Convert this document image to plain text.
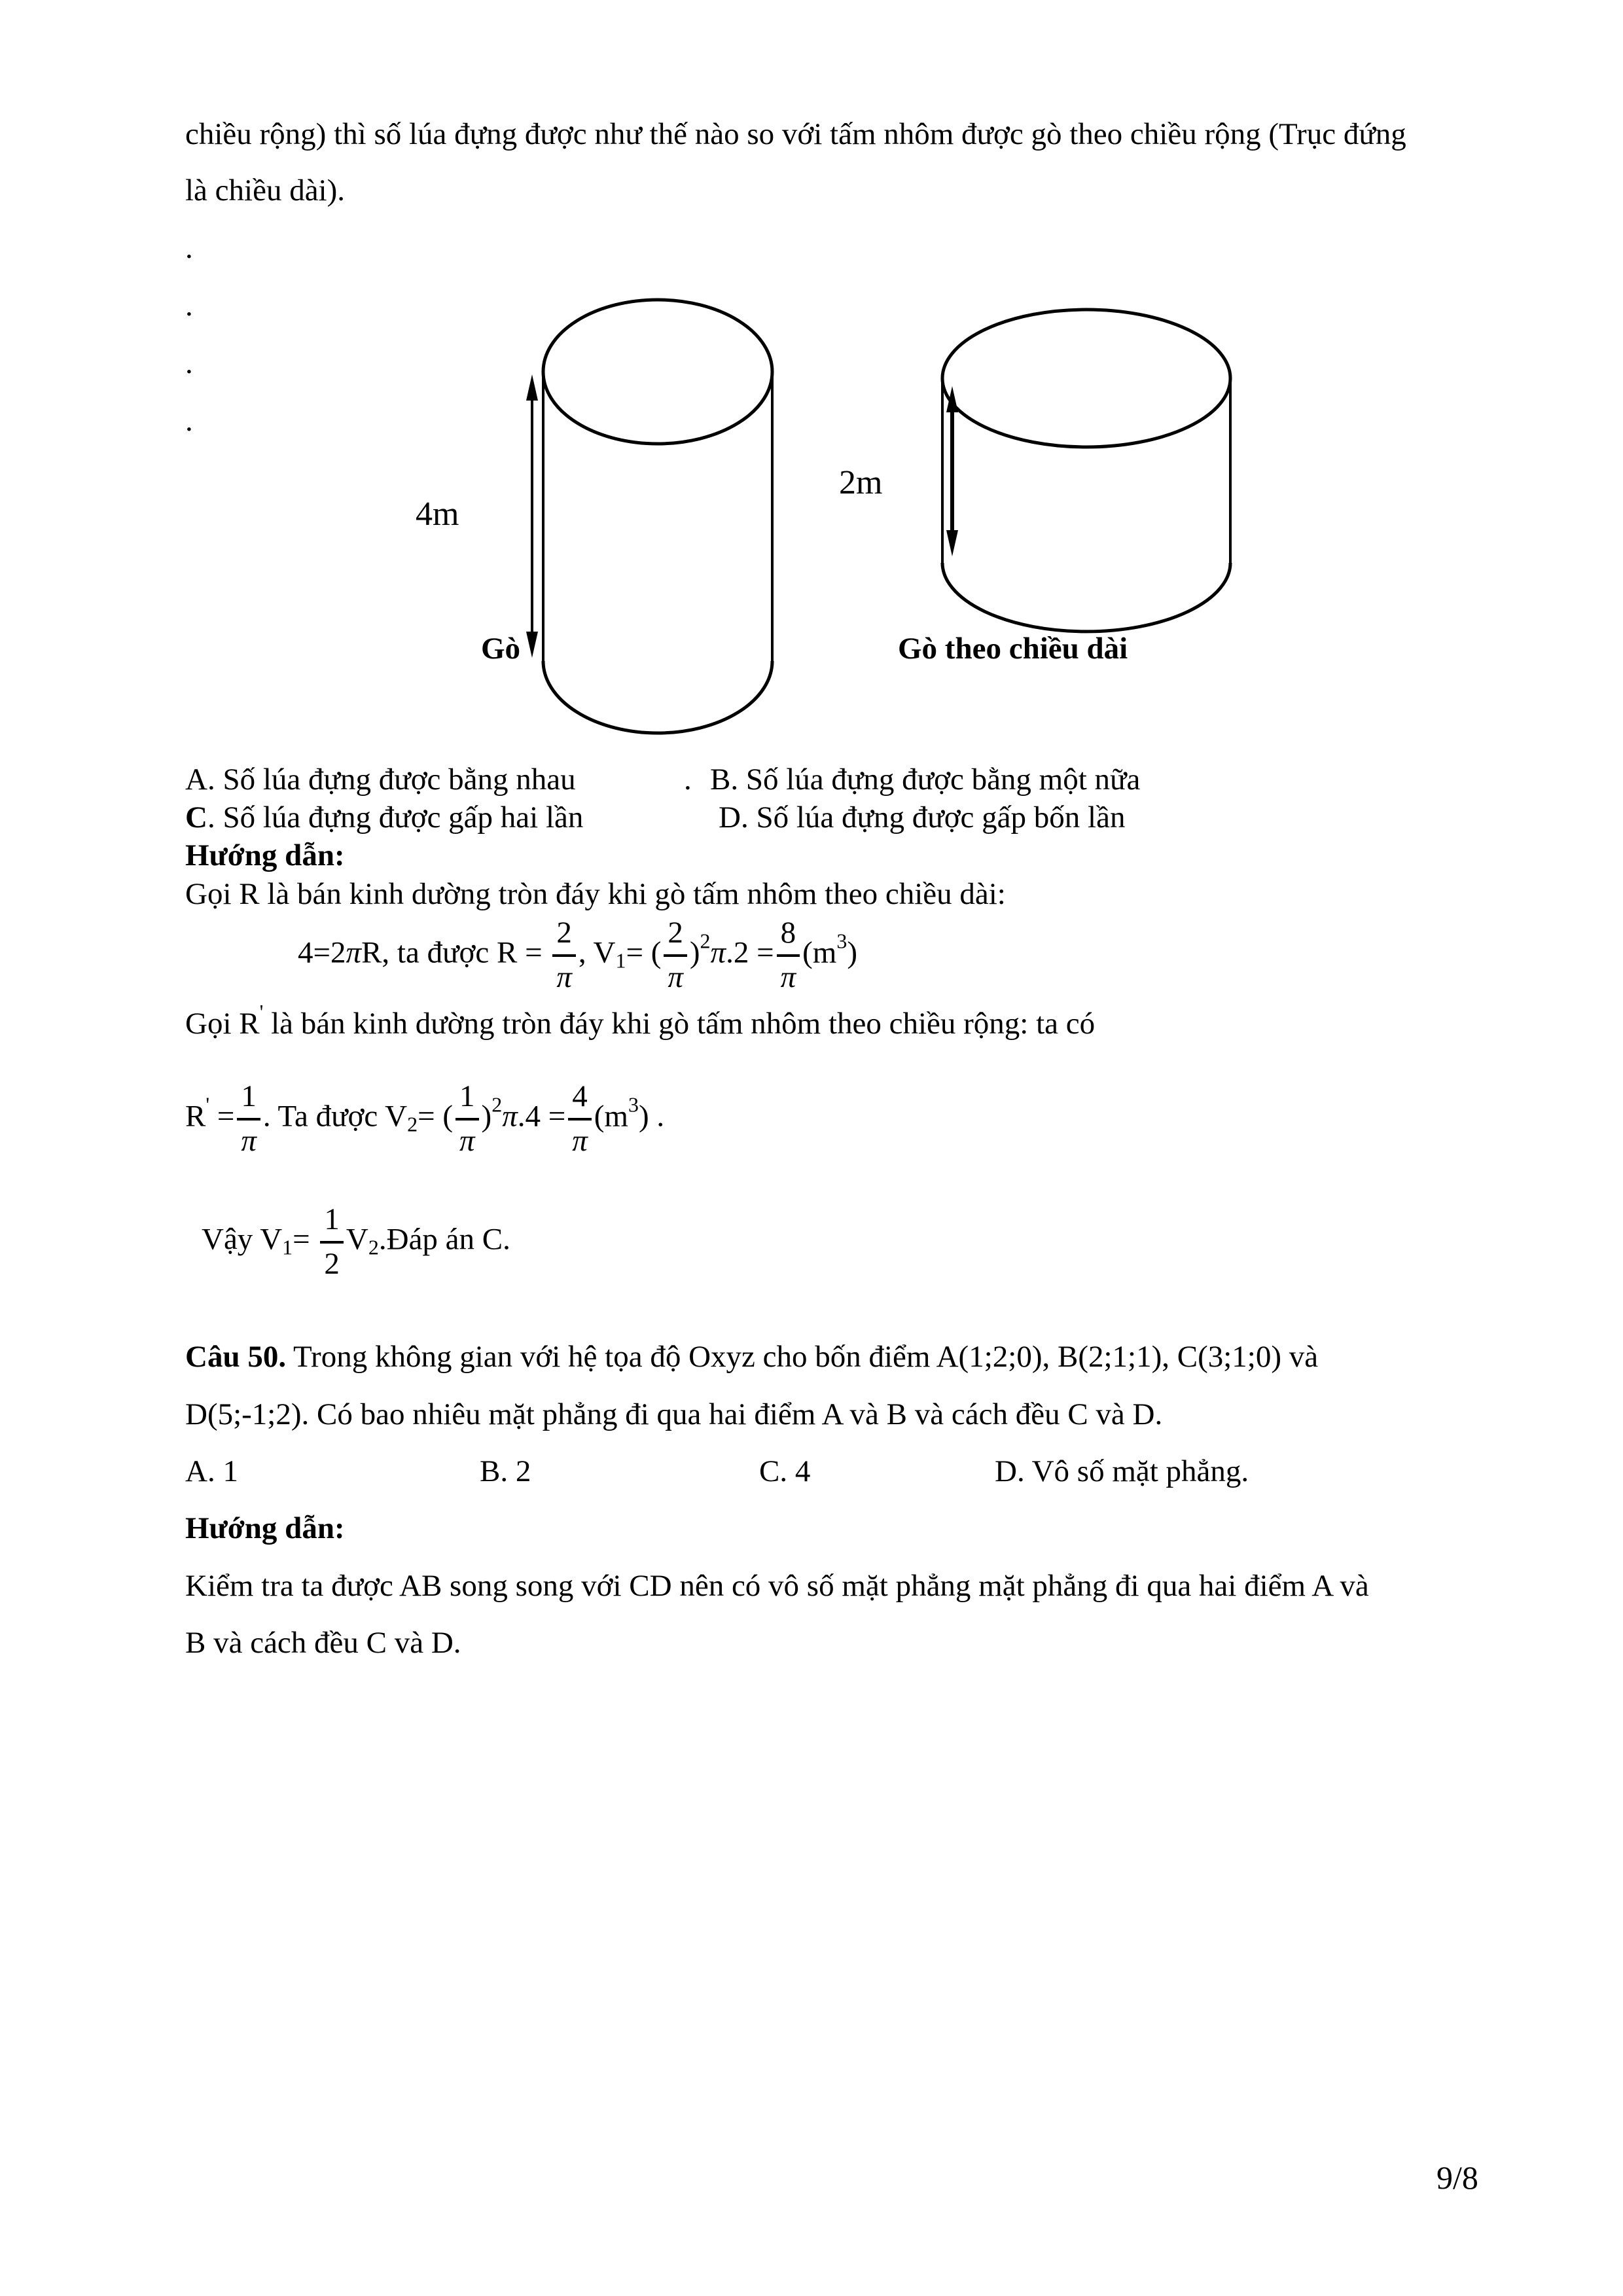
chiều rộng) thì số lúa đựng được như thế nào so với tấm nhôm được gò theo chiều rộng (Trục đứng
là chiều dài).
.
.
.
.
4m
Gò
2m
Gò theo chiều dài
A. Số lúa đựng được bằng nhau	. B. Số lúa đựng được bằng một nữa
C. Số lúa đựng được gấp hai lần	D. Số lúa đựng được gấp bốn lần
Hướng dẫn:
Gọi R là bán kinh dường tròn đáy khi gò tấm nhôm theo chiều dài:
4=2πR, ta được $R = \frac{2}{\pi}$ , $V_1=$ ( $\frac{2}{\pi} )^2\pi.2 = \frac{8}{\pi} (m^3)$
Gọi R' là bán kinh dường tròn đáy khi gò tấm nhôm theo chiều rộng: ta có
$R' = \frac{1}{\pi}$ . Ta được $V_2=$ ( $\frac{1}{\pi} )^2\pi.4 = \frac{4}{\pi} (m^3)$ .
Vậy $V_1= \frac{1}{2}$ $V_2.Đáp$ án C.
Câu 50. Trong không gian với hệ tọa độ Oxyz cho bốn điểm A(1;2;0), B(2;1;1), C(3;1;0) và
D(5;-1;2). Có bao nhiêu mặt phẳng đi qua hai điểm A và B và cách đều C và D.
A. 1	B. 2	C. 4	D. Vô số mặt phẳng.
Hướng dẫn:
Kiểm tra ta được AB song song với CD nên có vô số mặt phẳng mặt phẳng đi qua hai điểm A và
B và cách đều C và D.
9/8
